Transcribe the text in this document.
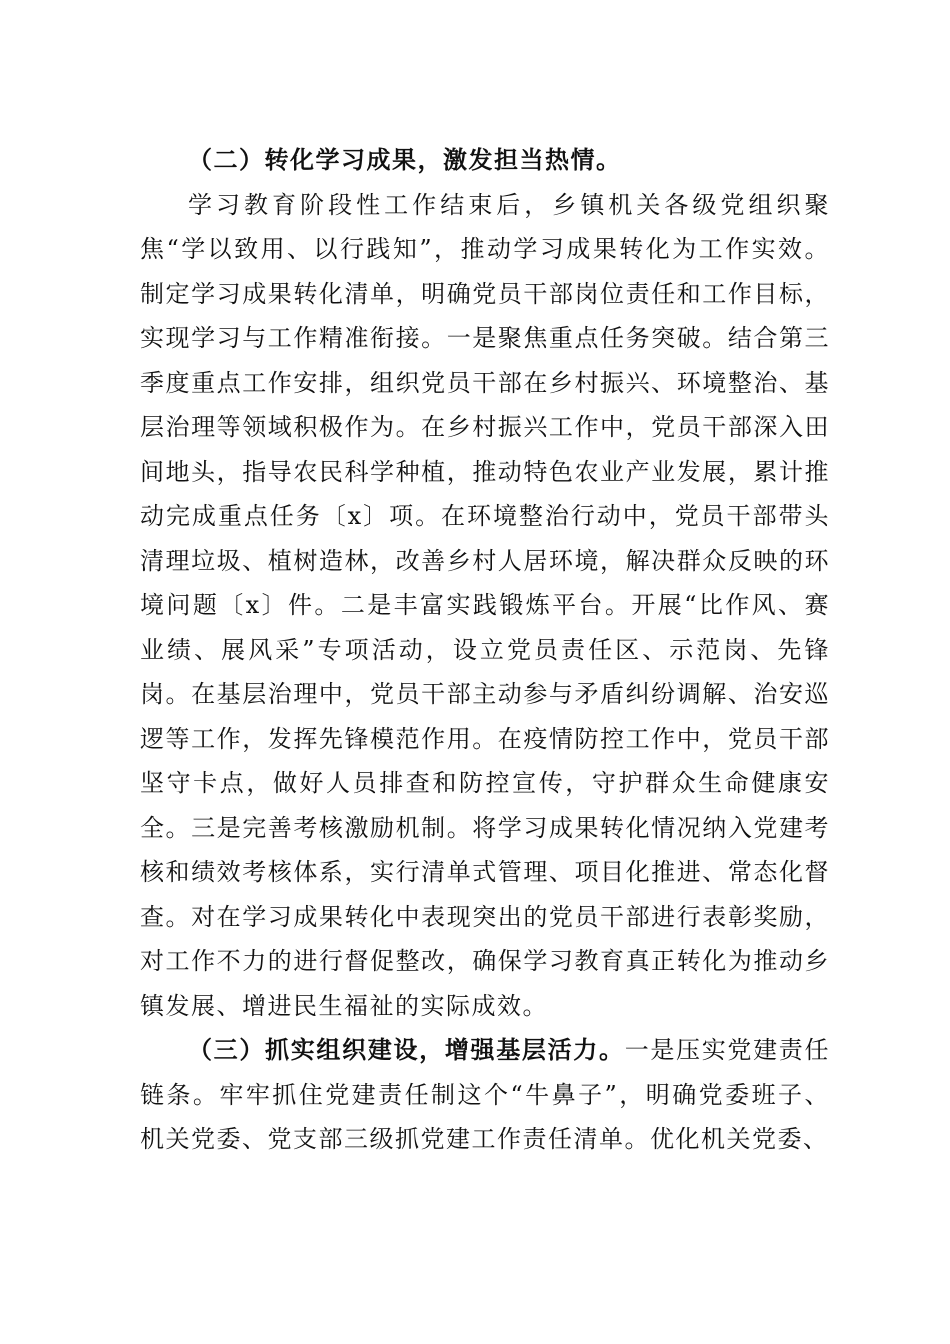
（二）转化学习成果，激发担当热情。

学习教育阶段性工作结束后，乡镇机关各级党组织聚焦“学以致用、以行践知”，推动学习成果转化为工作实效。制定学习成果转化清单，明确党员干部岗位责任和工作目标，实现学习与工作精准衔接。一是聚焦重点任务突破。结合第三季度重点工作安排，组织党员干部在乡村振兴、环境整治、基层治理等领域积极作为。在乡村振兴工作中，党员干部深入田间地头，指导农民科学种植，推动特色农业产业发展，累计推动完成重点任务〔x〕项。在环境整治行动中，党员干部带头清理垃圾、植树造林，改善乡村人居环境，解决群众反映的环境问题〔x〕件。二是丰富实践锻炼平台。开展“比作风、赛业绩、展风采”专项活动，设立党员责任区、示范岗、先锋岗。在基层治理中，党员干部主动参与矛盾纠纷调解、治安巡逻等工作，发挥先锋模范作用。在疫情防控工作中，党员干部坚守卡点，做好人员排查和防控宣传，守护群众生命健康安全。三是完善考核激励机制。将学习成果转化情况纳入党建考核和绩效考核体系，实行清单式管理、项目化推进、常态化督查。对在学习成果转化中表现突出的党员干部进行表彰奖励，对工作不力的进行督促整改，确保学习教育真正转化为推动乡镇发展、增进民生福祉的实际成效。

（三）抓实组织建设，增强基层活力。一是压实党建责任链条。牢牢抓住党建责任制这个“牛鼻子”，明确党委班子、机关党委、党支部三级抓党建工作责任清单。优化机关党委、
